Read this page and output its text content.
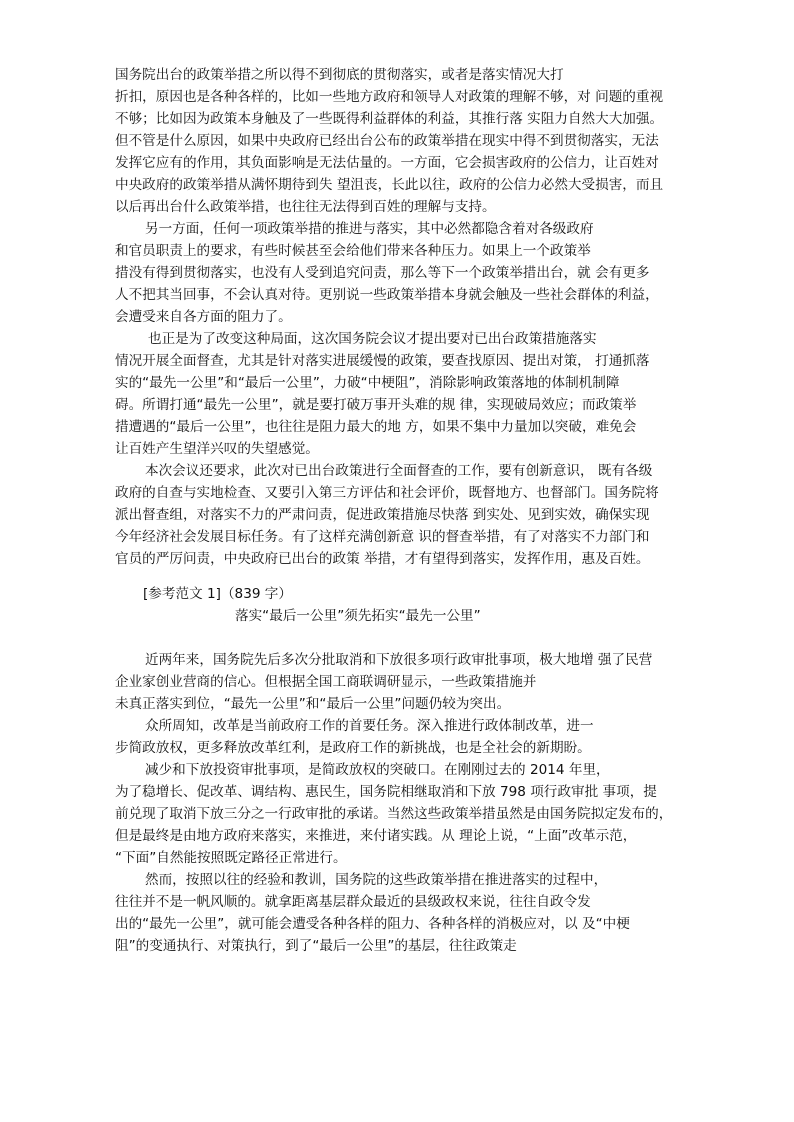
国务院出台的政策举措之所以得不到彻底的贯彻落实，或者是落实情况大打
折扣，原因也是各种各样的，比如一些地方政府和领导人对政策的理解不够，对 问题的重视
不够；比如因为政策本身触及了一些既得利益群体的利益，其推行落 实阻力自然大大加强。
但不管是什么原因，如果中央政府已经出台公布的政策举措在现实中得不到贯彻落实，无法
发挥它应有的作用，其负面影响是无法估量的。一方面，它会损害政府的公信力，让百姓对
中央政府的政策举措从满怀期待到失 望沮丧，长此以往，政府的公信力必然大受损害，而且
以后再出台什么政策举措，也往往无法得到百姓的理解与支持。
另一方面，任何一项政策举措的推进与落实，其中必然都隐含着对各级政府
和官员职责上的要求，有些时候甚至会给他们带来各种压力。如果上一个政策举
措没有得到贯彻落实，也没有人受到追究问责，那么等下一个政策举措出台，就 会有更多
人不把其当回事，不会认真对待。更别说一些政策举措本身就会触及一些社会群体的利益，
会遭受来自各方面的阻力了。
也正是为了改变这种局面，这次国务院会议才提出要对已出台政策措施落实
情况开展全面督查，尤其是针对落实进展缓慢的政策，要查找原因、提出对策， 打通抓落
实的“最先一公里”和“最后一公里”，力破“中梗阻”，消除影响政策落地的体制机制障
碍。所谓打通“最先一公里”，就是要打破万事开头难的规 律，实现破局效应；而政策举
措遭遇的“最后一公里”，也往往是阻力最大的地 方，如果不集中力量加以突破，难免会
让百姓产生望洋兴叹的失望感觉。
本次会议还要求，此次对已出台政策进行全面督查的工作，要有创新意识， 既有各级
政府的自查与实地检查、又要引入第三方评估和社会评价，既督地方、也督部门。国务院将
派出督查组，对落实不力的严肃问责，促进政策措施尽快落 到实处、见到实效，确保实现
今年经济社会发展目标任务。有了这样充满创新意 识的督查举措，有了对落实不力部门和
官员的严厉问责，中央政府已出台的政策 举措，才有望得到落实，发挥作用，惠及百姓。
[参考范文 1]（839 字）
落实“最后一公里”须先拓实“最先一公里”
近两年来，国务院先后多次分批取消和下放很多项行政审批事项，极大地增 强了民营
企业家创业营商的信心。但根据全国工商联调研显示，一些政策措施并
未真正落实到位，“最先一公里”和“最后一公里”问题仍较为突出。
众所周知，改革是当前政府工作的首要任务。深入推进行政体制改革，进一
步简政放权，更多释放改革红利，是政府工作的新挑战，也是全社会的新期盼。
减少和下放投资审批事项，是简政放权的突破口。在刚刚过去的 2014 年里，
为了稳增长、促改革、调结构、惠民生，国务院相继取消和下放 798 项行政审批 事项，提
前兑现了取消下放三分之一行政审批的承诺。当然这些政策举措虽然是由国务院拟定发布的，
但是最终是由地方政府来落实，来推进，来付诸实践。从 理论上说，“上面”改革示范，
“下面”自然能按照既定路径正常进行。
然而，按照以往的经验和教训，国务院的这些政策举措在推进落实的过程中，
往往并不是一帆风顺的。就拿距离基层群众最近的县级政权来说，往往自政令发
出的“最先一公里”，就可能会遭受各种各样的阻力、各种各样的消极应对，以 及“中梗
阻”的变通执行、对策执行，到了“最后一公里”的基层，往往政策走
